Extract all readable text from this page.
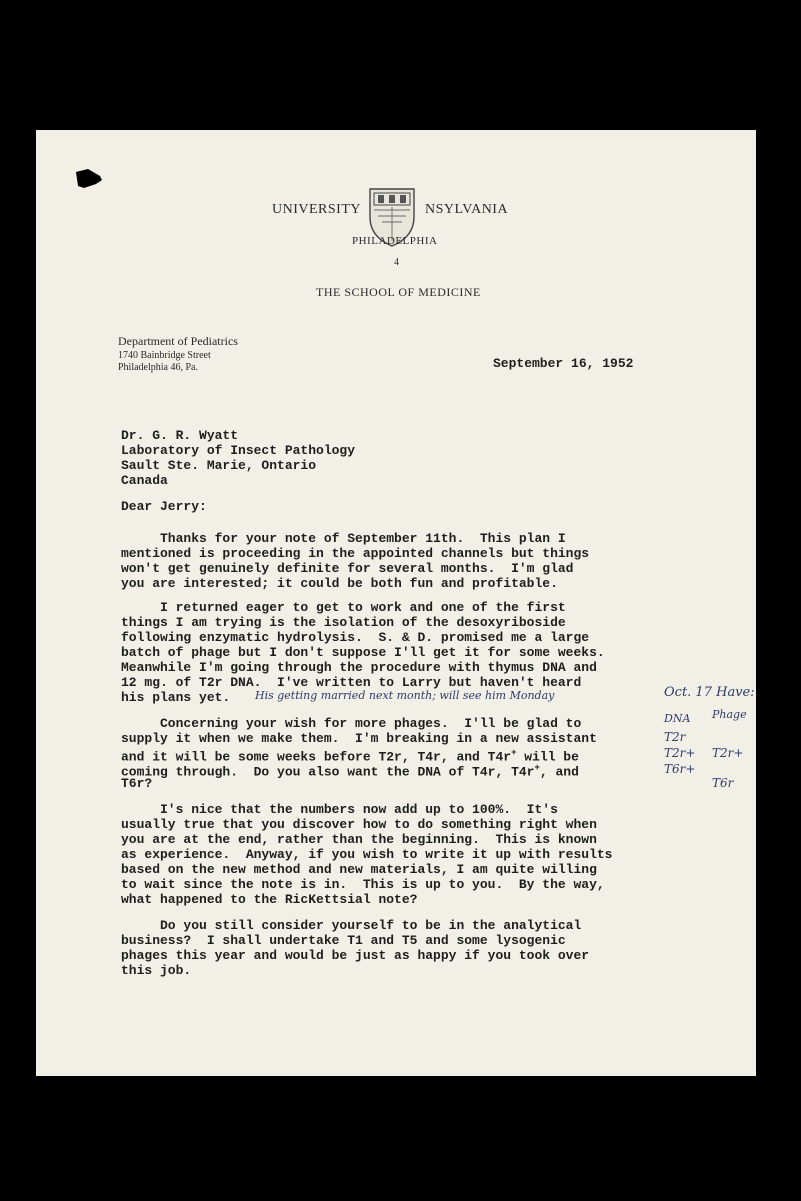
UNIVERSITY	NSYLVANIA
PHILADELPHIA
4
THE SCHOOL OF MEDICINE
Department of Pediatrics
1740 Bainbridge Street
Philadelphia 46, Pa.	September 16, 1952
Dr. G. R. Wyatt
Laboratory of Insect Pathology
Sault Ste. Marie, Ontario
Canada
Dear Jerry:
Thanks for your note of September 11th.  This plan I
mentioned is proceeding in the appointed channels but things
won't get genuinely definite for several months.  I'm glad
you are interested; it could be both fun and profitable.
I returned eager to get to work and one of the first
things I am trying is the isolation of the desoxyriboside
following enzymatic hydrolysis.  S. & D. promised me a large
batch of phage but I don't suppose I'll get it for some weeks.
Meanwhile I'm going through the procedure with thymus DNA and
12 mg. of T2r DNA.  I've written to Larry but haven't heard
his plans yet. His getting married next month; will see him Monday
Concerning your wish for more phages.  I'll be glad to
supply it when we make them.  I'm breaking in a new assistant
and it will be some weeks before T2r, T4r, and T4r+ will be
coming through.  Do you also want the DNA of T4r, T4r+, and
T6r?
I's nice that the numbers now add up to 100%.  It's
usually true that you discover how to do something right when
you are at the end, rather than the beginning.  This is known
as experience.  Anyway, if you wish to write it up with results
based on the new method and new materials, I am quite willing
to wait since the note is in.  This is up to you.  By the way,
what happened to the RicKettsial note?
Do you still consider yourself to be in the analytical
business?  I shall undertake T1 and T5 and some lysogenic
phages this year and would be just as happy if you took over
this job.
Oct. 17 Have:
DNA Phage
T2r
T2r+
T6r+
T2r+
T6r
